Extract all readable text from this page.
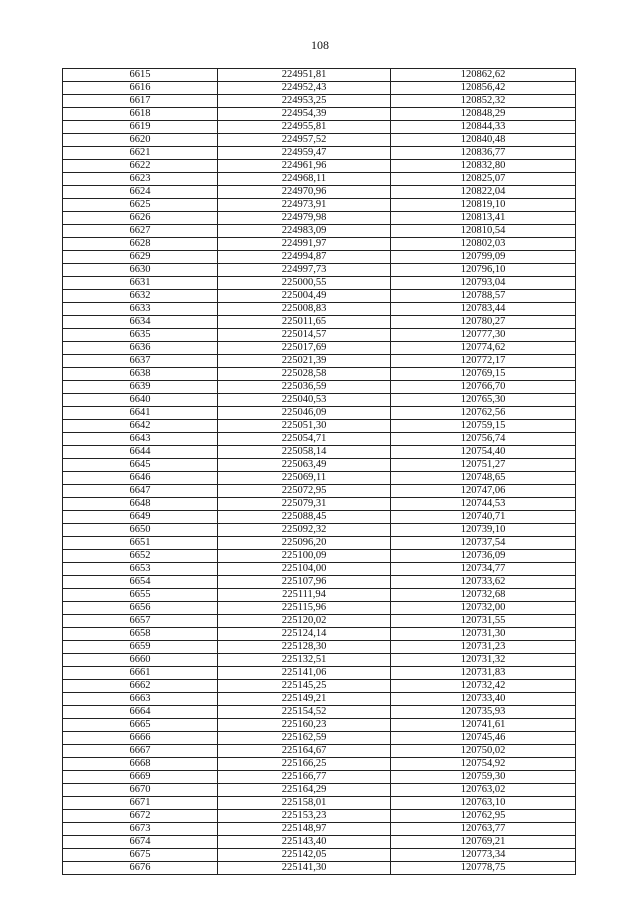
108
6615	224951,81	120862,62
6616	224952,43	120856,42
6617	224953,25	120852,32
6618	224954,39	120848,29
6619	224955,81	120844,33
6620	224957,52	120840,48
6621	224959,47	120836,77
6622	224961,96	120832,80
6623	224968,11	120825,07
6624	224970,96	120822,04
6625	224973,91	120819,10
6626	224979,98	120813,41
6627	224983,09	120810,54
6628	224991,97	120802,03
6629	224994,87	120799,09
6630	224997,73	120796,10
6631	225000,55	120793,04
6632	225004,49	120788,57
6633	225008,83	120783,44
6634	225011,65	120780,27
6635	225014,57	120777,30
6636	225017,69	120774,62
6637	225021,39	120772,17
6638	225028,58	120769,15
6639	225036,59	120766,70
6640	225040,53	120765,30
6641	225046,09	120762,56
6642	225051,30	120759,15
6643	225054,71	120756,74
6644	225058,14	120754,40
6645	225063,49	120751,27
6646	225069,11	120748,65
6647	225072,95	120747,06
6648	225079,31	120744,53
6649	225088,45	120740,71
6650	225092,32	120739,10
6651	225096,20	120737,54
6652	225100,09	120736,09
6653	225104,00	120734,77
6654	225107,96	120733,62
6655	225111,94	120732,68
6656	225115,96	120732,00
6657	225120,02	120731,55
6658	225124,14	120731,30
6659	225128,30	120731,23
6660	225132,51	120731,32
6661	225141,06	120731,83
6662	225145,25	120732,42
6663	225149,21	120733,40
6664	225154,52	120735,93
6665	225160,23	120741,61
6666	225162,59	120745,46
6667	225164,67	120750,02
6668	225166,25	120754,92
6669	225166,77	120759,30
6670	225164,29	120763,02
6671	225158,01	120763,10
6672	225153,23	120762,95
6673	225148,97	120763,77
6674	225143,40	120769,21
6675	225142,05	120773,34
6676	225141,30	120778,75
